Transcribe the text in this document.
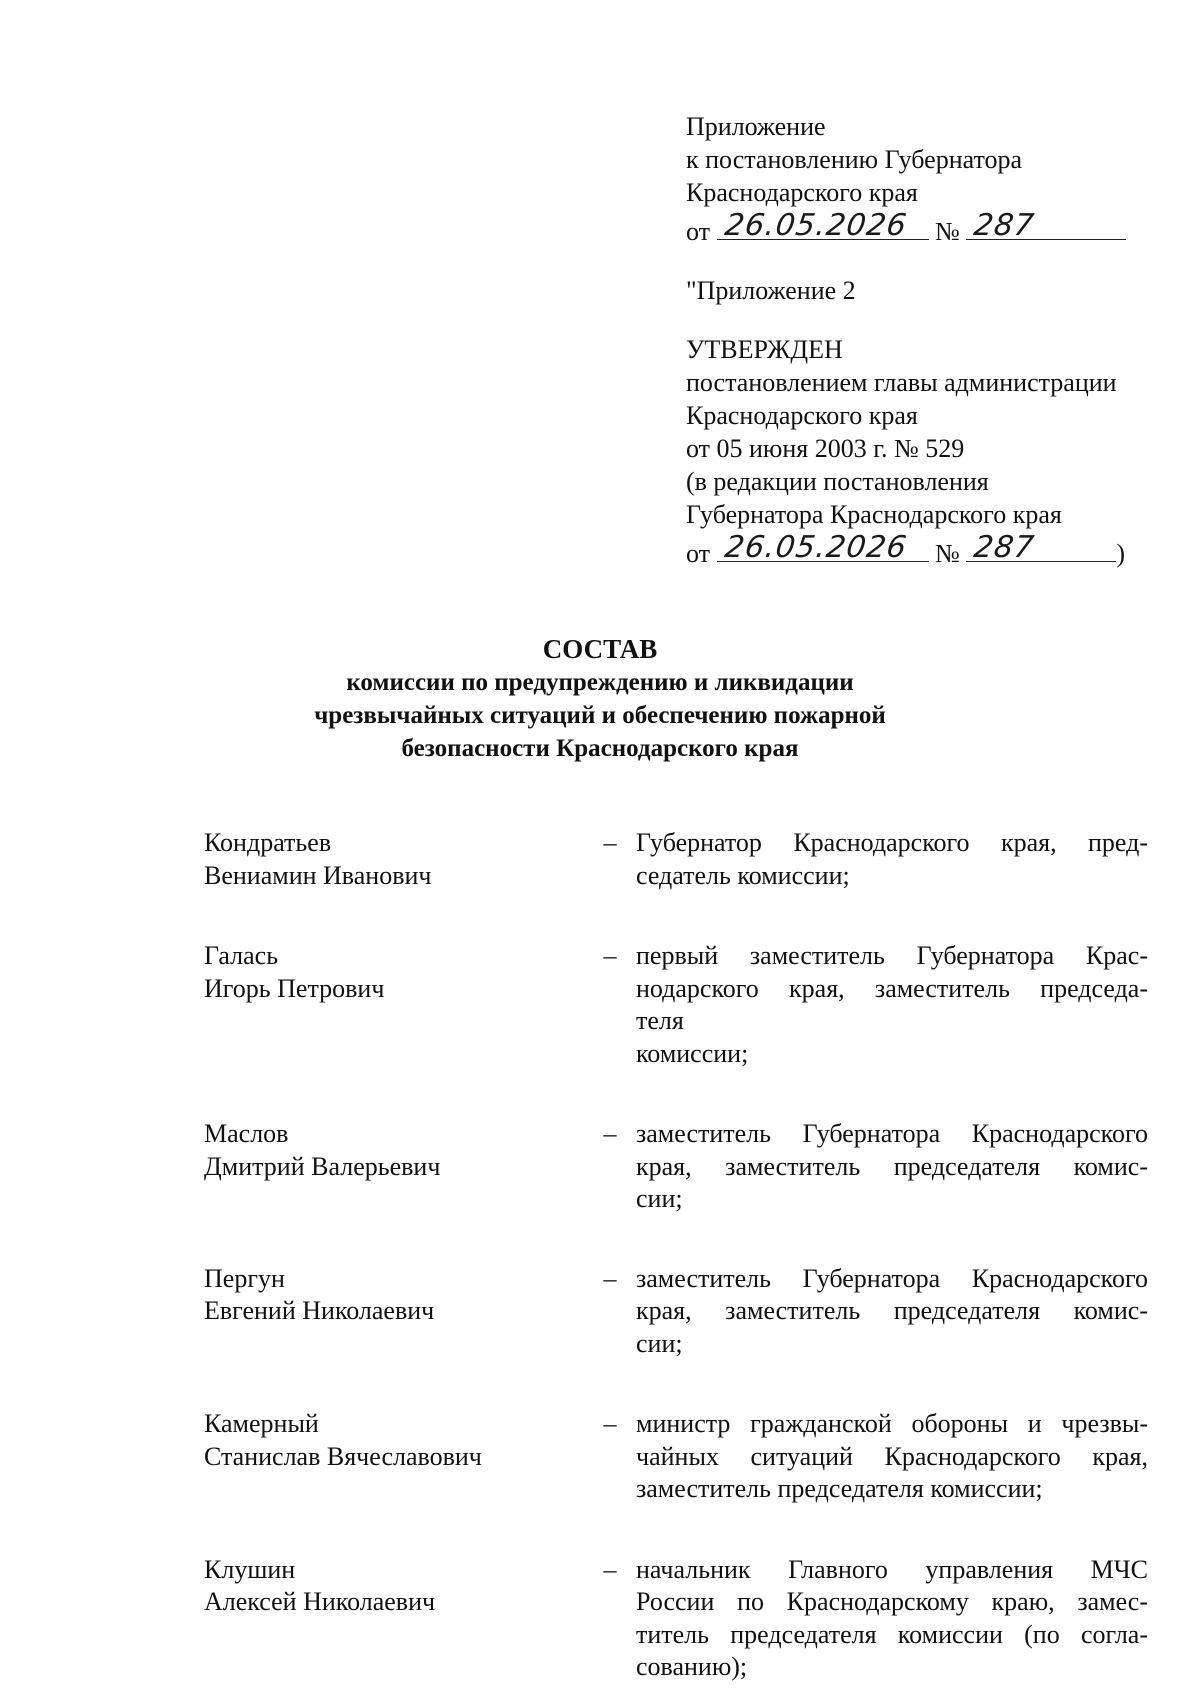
Приложение
к постановлению Губернатора
Краснодарского края
от 26.05.2026 № 287
"Приложение 2
УТВЕРЖДЕН
постановлением главы администрации
Краснодарского края
от 05 июня 2003 г. № 529
(в редакции постановления
Губернатора Краснодарского края
от 26.05.2026 № 287	)
СОСТАВ
комиссии по предупреждению и ликвидации
чрезвычайных ситуаций и обеспечению пожарной
безопасности Краснодарского края
Кондратьев
Вениамин Иванович
– Губернатор Краснодарского края, пред-
седатель комиссии;
Галась
Игорь Петрович
– первый заместитель Губернатора Крас-
нодарского края, заместитель председа-
теля
комиссии;
Маслов
Дмитрий Валерьевич
– заместитель Губернатора Краснодарского
края, заместитель председателя комис-
сии;
Пергун
Евгений Николаевич
– заместитель Губернатора Краснодарского
края, заместитель председателя комис-
сии;
Камерный
Станислав Вячеславович
– министр гражданской обороны и чрезвы-
чайных ситуаций Краснодарского края,
заместитель председателя комиссии;
Клушин
Алексей Николаевич
– начальник Главного управления МЧС
России по Краснодарскому краю, замес-
титель председателя комиссии (по согла-
сованию);
